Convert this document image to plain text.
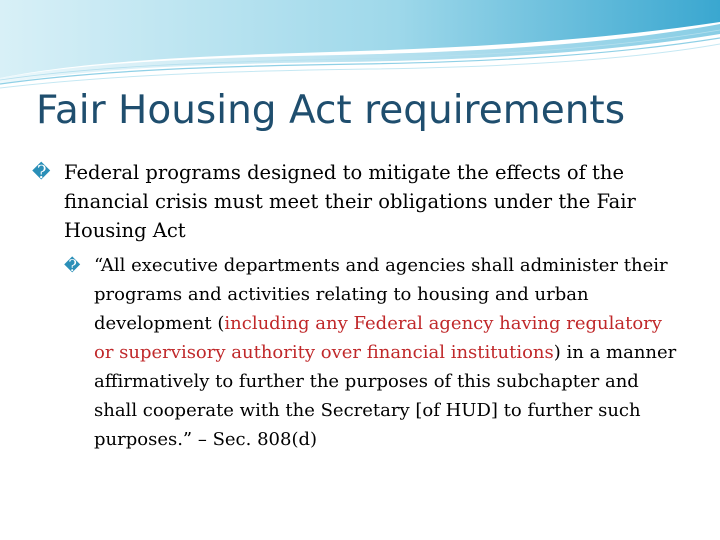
Fair Housing Act requirements
� Federal programs designed to mitigate the effects of the financial crisis must meet their obligations under the Fair Housing Act
� “All executive departments and agencies shall administer their programs and activities relating to housing and urban development (including any Federal agency having regulatory or supervisory authority over financial institutions) in a manner affirmatively to further the purposes of this subchapter and shall cooperate with the Secretary [of HUD] to further such purposes.” – Sec. 808(d)
